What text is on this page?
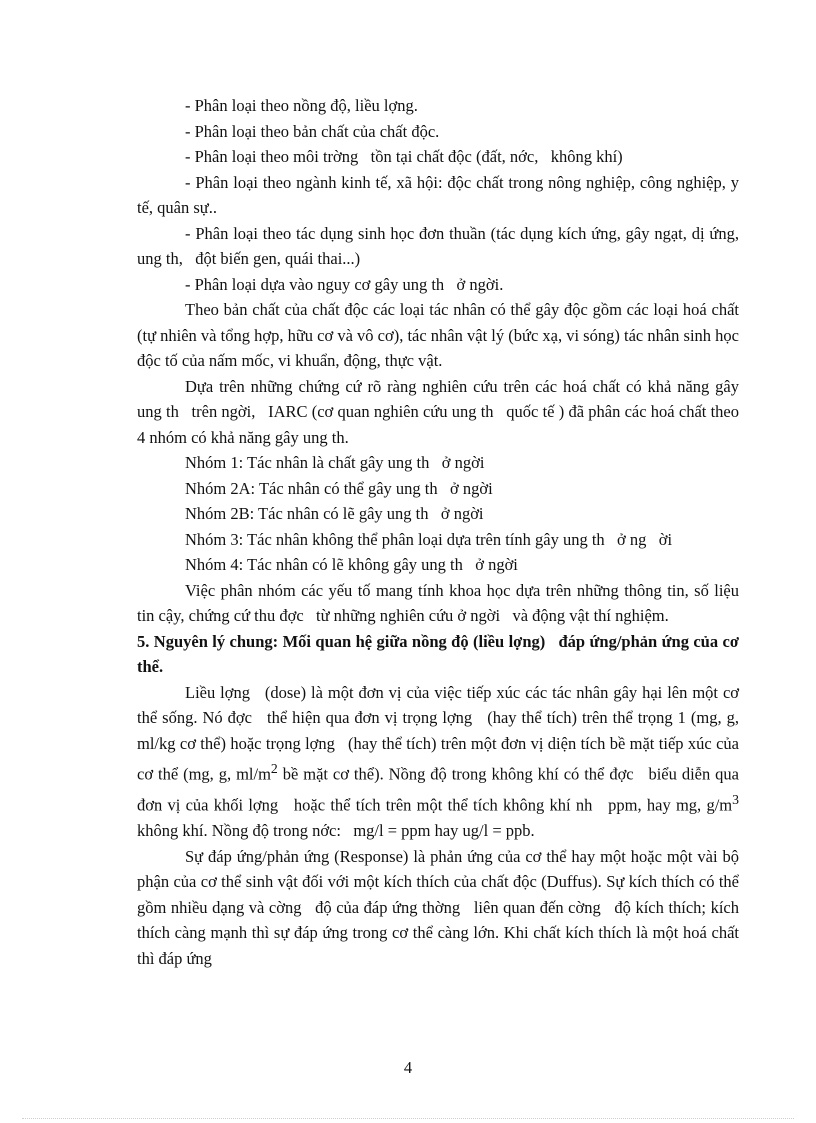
- Phân loại theo nồng độ, liều lợng.

- Phân loại theo bản chất của chất độc.

- Phân loại theo môi trờng   tồn tại chất độc (đất, nớc,   không khí)

- Phân loại theo ngành kinh tế, xã hội: độc chất trong nông nghiệp, công nghiệp, y tế, quân sự..

- Phân loại theo tác dụng sinh học đơn thuần (tác dụng kích ứng, gây ngạt, dị ứng, ung th,   đột biến gen, quái thai...)

- Phân loại dựa vào nguy cơ gây ung th   ở ngời.

Theo bản chất của chất độc các loại tác nhân có thể gây độc gồm các loại hoá chất (tự nhiên và tổng hợp, hữu cơ và vô cơ), tác nhân vật lý (bức xạ, vi sóng) tác nhân sinh học độc tố của nấm mốc, vi khuẩn, động, thực vật.

Dựa trên những chứng cứ rõ ràng nghiên cứu trên các hoá chất có khả năng gây ung th   trên ngời,   IARC (cơ quan nghiên cứu ung th   quốc tế ) đã phân các hoá chất theo 4 nhóm có khả năng gây ung th.

Nhóm 1: Tác nhân là chất gây ung th   ở ngời

Nhóm 2A: Tác nhân có thể gây ung th   ở ngời

Nhóm 2B: Tác nhân có lẽ gây ung th   ở ngời

Nhóm 3: Tác nhân không thể phân loại dựa trên tính gây ung th   ở ng   ời

Nhóm 4: Tác nhân có lẽ không gây ung th   ở ngời

Việc phân nhóm các yếu tố mang tính khoa học dựa trên những thông tin, số liệu tin cậy, chứng cứ thu đợc   từ những nghiên cứu ở ngời   và động vật thí nghiệm.

5. Nguyên lý chung: Mối quan hệ giữa nồng độ (liều lợng)   đáp ứng/phản ứng của cơ thể.

Liều lợng   (dose) là một đơn vị của việc tiếp xúc các tác nhân gây hại lên một cơ thể sống. Nó đợc   thể hiện qua đơn vị trọng lợng   (hay thể tích) trên thể trọng 1 (mg, g, ml/kg cơ thể) hoặc trọng lợng   (hay thể tích) trên một đơn vị diện tích bề mặt tiếp xúc của cơ thể (mg, g, $ml/m^2$ bề mặt cơ thể). Nồng độ trong không khí có thể đợc   biểu diễn qua đơn vị của khối lợng   hoặc thể tích trên một thể tích không khí nh   ppm, hay mg, $g/m^3$ không khí. Nồng độ trong nớc:   mg/l = ppm hay ug/l = ppb.

Sự đáp ứng/phản ứng (Response) là phản ứng của cơ thể hay một hoặc một vài bộ phận của cơ thể sinh vật đối với một kích thích của chất độc (Duffus). Sự kích thích có thể gồm nhiều dạng và cờng   độ của đáp ứng thờng   liên quan đến cờng   độ kích thích; kích thích càng mạnh thì sự đáp ứng trong cơ thể càng lớn. Khi chất kích thích là một hoá chất thì đáp ứng

4
